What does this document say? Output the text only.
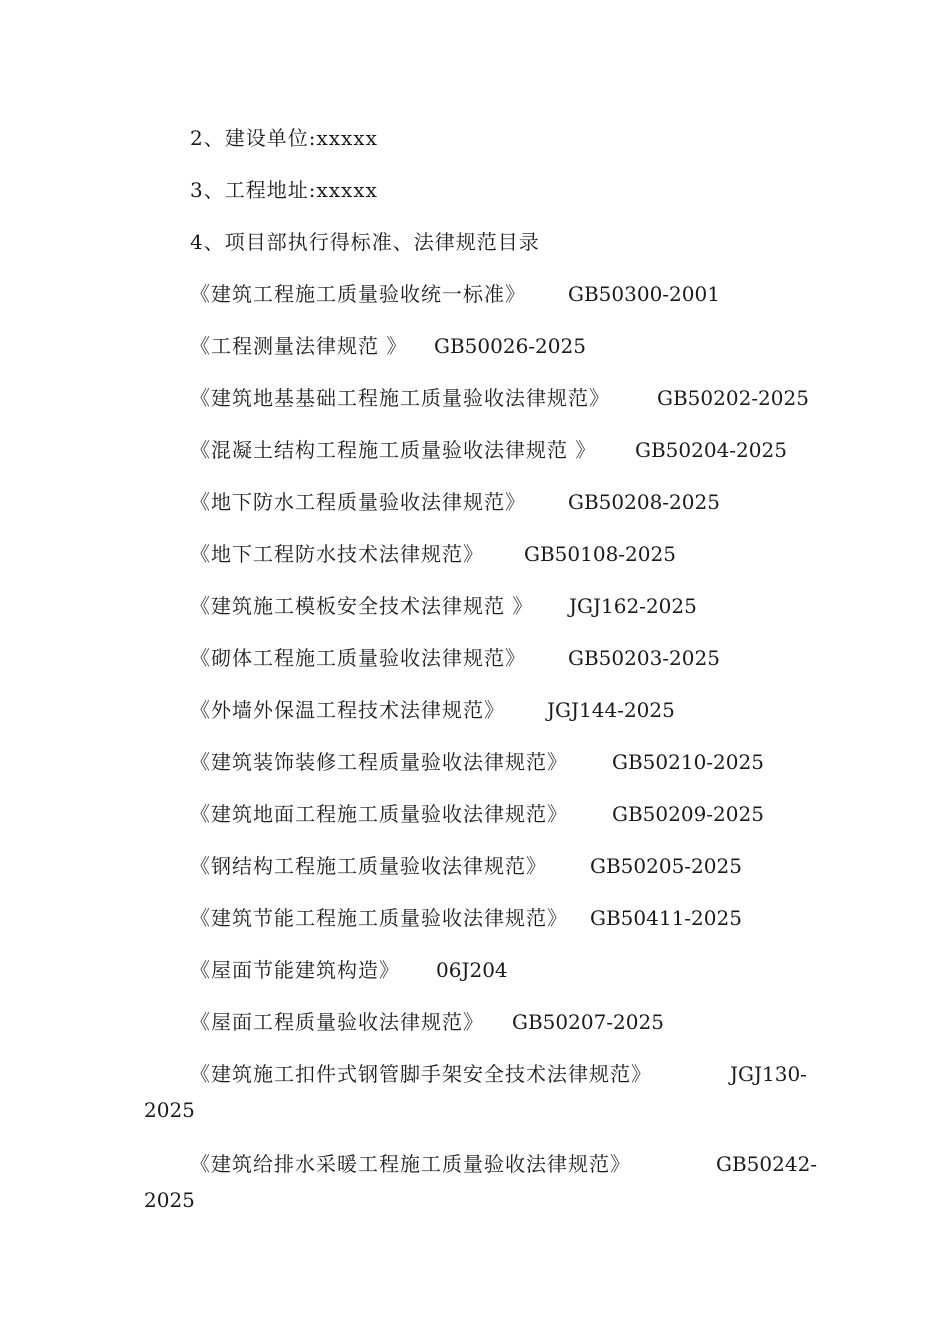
2、建设单位:xxxxx
3、工程地址:xxxxx
4、项目部执行得标准、法律规范目录
《建筑工程施工质量验收统一标准》 GB50300-2001
《工程测量法律规范 》 GB50026-2025
《建筑地基基础工程施工质量验收法律规范》 GB50202-2025
《混凝土结构工程施工质量验收法律规范 》 GB50204-2025
《地下防水工程质量验收法律规范》 GB50208-2025
《地下工程防水技术法律规范》 GB50108-2025
《建筑施工模板安全技术法律规范 》 JGJ162-2025
《砌体工程施工质量验收法律规范》 GB50203-2025
《外墙外保温工程技术法律规范》 JGJ144-2025
《建筑装饰装修工程质量验收法律规范》 GB50210-2025
《建筑地面工程施工质量验收法律规范》 GB50209-2025
《钢结构工程施工质量验收法律规范》 GB50205-2025
《建筑节能工程施工质量验收法律规范》 GB50411-2025
《屋面节能建筑构造》 06J204
《屋面工程质量验收法律规范》 GB50207-2025
《建筑施工扣件式钢管脚手架安全技术法律规范》	JGJ130-
2025
《建筑给排水采暖工程施工质量验收法律规范》	GB50242-
2025
